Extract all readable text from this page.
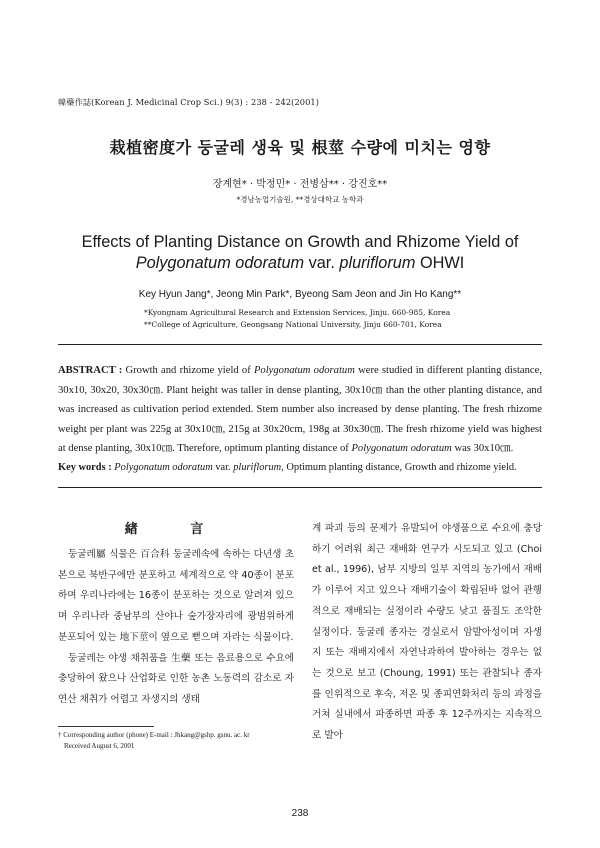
韓藥作誌(Korean J. Medicinal Crop Sci.) 9(3) : 238 - 242(2001)
栽植密度가 둥굴레 생육 및 根莖 수량에 미치는 영향
장계현* · 박정민* · 전병삼** · 강진호**
*경남농업기술원, **경상대학교 농학과
Effects of Planting Distance on Growth and Rhizome Yield of
Polygonatum odoratum var. pluriflorum OHWI
Key Hyun Jang*, Jeong Min Park*, Byeong Sam Jeon and Jin Ho Kang**
*Kyongnam Agricultural Research and Extension Services, Jinju. 660-985, Korea
**College of Agriculture, Geongsang National University, Jinju 660-701, Korea
ABSTRACT : Growth and rhizome yield of Polygonatum odoratum were studied in different planting distance, 30x10, 30x20, 30x30㎝. Plant height was taller in dense planting, 30x10㎝ than the other planting distance, and was increased as cultivation period extended. Stem number also increased by dense planting. The fresh rhizome weight per plant was 225g at 30x10㎝, 215g at 30x20cm, 198g at 30x30㎝. The fresh rhizome yield was highest at dense planting, 30x10㎝. Therefore, optimum planting distance of Polygonatum odoratum was 30x10㎝.
Key words : Polygonatum odoratum var. pluriflorum, Optimum planting distance, Growth and rhizome yield.
緖 言

둥굴레屬 식물은 百合科 둥굴레속에 속하는 다년생 초본으로 북반구에만 분포하고 세계적으로 약 40종이 분포하며 우리나라에는 16종이 분포하는 것으로 알려져 있으며 우리나라 중남부의 산야나 숲가장자리에 광범위하게 분포되어 있는 地下莖이 옆으로 뻗으며 자라는 식물이다.

둥굴레는 야생 채취품을 生藥 또는 음료용으로 수요에 충당하여 왔으나 산업화로 인한 농촌 노동력의 감소로 자연산 채취가 어렵고 자생지의 생태

계 파괴 등의 문제가 유발되어 야생품으로 수요에 충당하기 어려워 최근 재배화 연구가 시도되고 있고 (Choi et al., 1996), 남부 지방의 일부 지역의 농가에서 재배가 이루어 지고 있으나 재배기술이 확립된바 없어 관행적으로 재배되는 실정이라 수량도 낮고 품질도 조악한 실정이다. 둥굴레 종자는 경실로서 암발아성이며 자생지 또는 재배지에서 자연낙과하여 발아하는 경우는 없는 것으로 보고 (Choung, 1991) 또는 관찰되나 종자를 인위적으로 후숙, 저온 및 종피연화처리 등의 과정을 거쳐 실내에서 파종하면 파종 후 12주까지는 지속적으로 발아

† Corresponding author (phone) E-mail : Jhkang@gshp. gsnu. ac. kr
Received August 6, 2001
238
